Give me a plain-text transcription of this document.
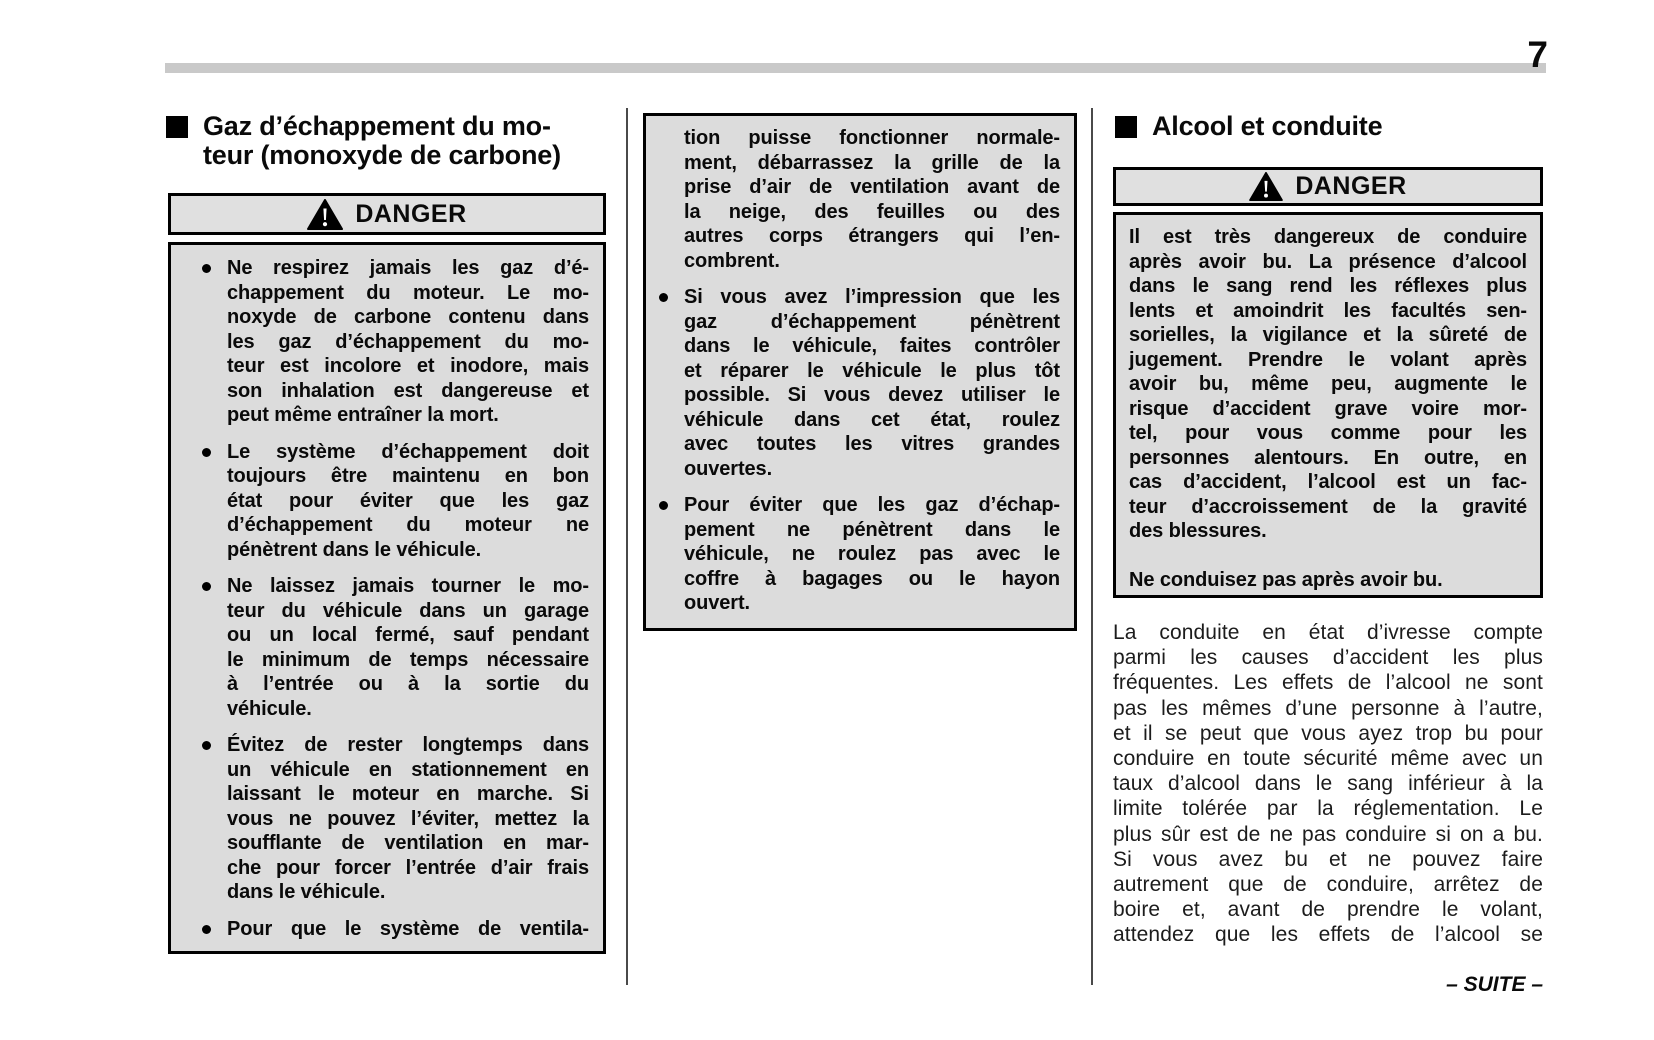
7
Gaz d’échappement du mo-
teur (monoxyde de carbone)
DANGER
Ne respirez jamais les gaz d’é-
chappement du moteur. Le mo-
noxyde de carbone contenu dans
les gaz d’échappement du mo-
teur est incolore et inodore, mais
son inhalation est dangereuse et
peut même entraîner la mort.
Le système d’échappement doit
toujours être maintenu en bon
état pour éviter que les gaz
d’échappement du moteur ne
pénètrent dans le véhicule.
Ne laissez jamais tourner le mo-
teur du véhicule dans un garage
ou un local fermé, sauf pendant
le minimum de temps nécessaire
à l’entrée ou à la sortie du
véhicule.
Évitez de rester longtemps dans
un véhicule en stationnement en
laissant le moteur en marche. Si
vous ne pouvez l’éviter, mettez la
soufflante de ventilation en mar-
che pour forcer l’entrée d’air frais
dans le véhicule.
Pour que le système de ventila-
tion puisse fonctionner normale-
ment, débarrassez la grille de la
prise d’air de ventilation avant de
la neige, des feuilles ou des
autres corps étrangers qui l’en-
combrent.
Si vous avez l’impression que les
gaz d’échappement pénètrent
dans le véhicule, faites contrôler
et réparer le véhicule le plus tôt
possible. Si vous devez utiliser le
véhicule dans cet état, roulez
avec toutes les vitres grandes
ouvertes.
Pour éviter que les gaz d’échap-
pement ne pénètrent dans le
véhicule, ne roulez pas avec le
coffre à bagages ou le hayon
ouvert.
Alcool et conduite
DANGER
Il est très dangereux de conduire
après avoir bu. La présence d’alcool
dans le sang rend les réflexes plus
lents et amoindrit les facultés sen-
sorielles, la vigilance et la sûreté de
jugement. Prendre le volant après
avoir bu, même peu, augmente le
risque d’accident grave voire mor-
tel, pour vous comme pour les
personnes alentours. En outre, en
cas d’accident, l’alcool est un fac-
teur d’accroissement de la gravité
des blessures.
Ne conduisez pas après avoir bu.
La conduite en état d’ivresse compte
parmi les causes d’accident les plus
fréquentes. Les effets de l’alcool ne sont
pas les mêmes d’une personne à l’autre,
et il se peut que vous ayez trop bu pour
conduire en toute sécurité même avec un
taux d’alcool dans le sang inférieur à la
limite tolérée par la réglementation. Le
plus sûr est de ne pas conduire si on a bu.
Si vous avez bu et ne pouvez faire
autrement que de conduire, arrêtez de
boire et, avant de prendre le volant,
attendez que les effets de l’alcool se
– SUITE –
